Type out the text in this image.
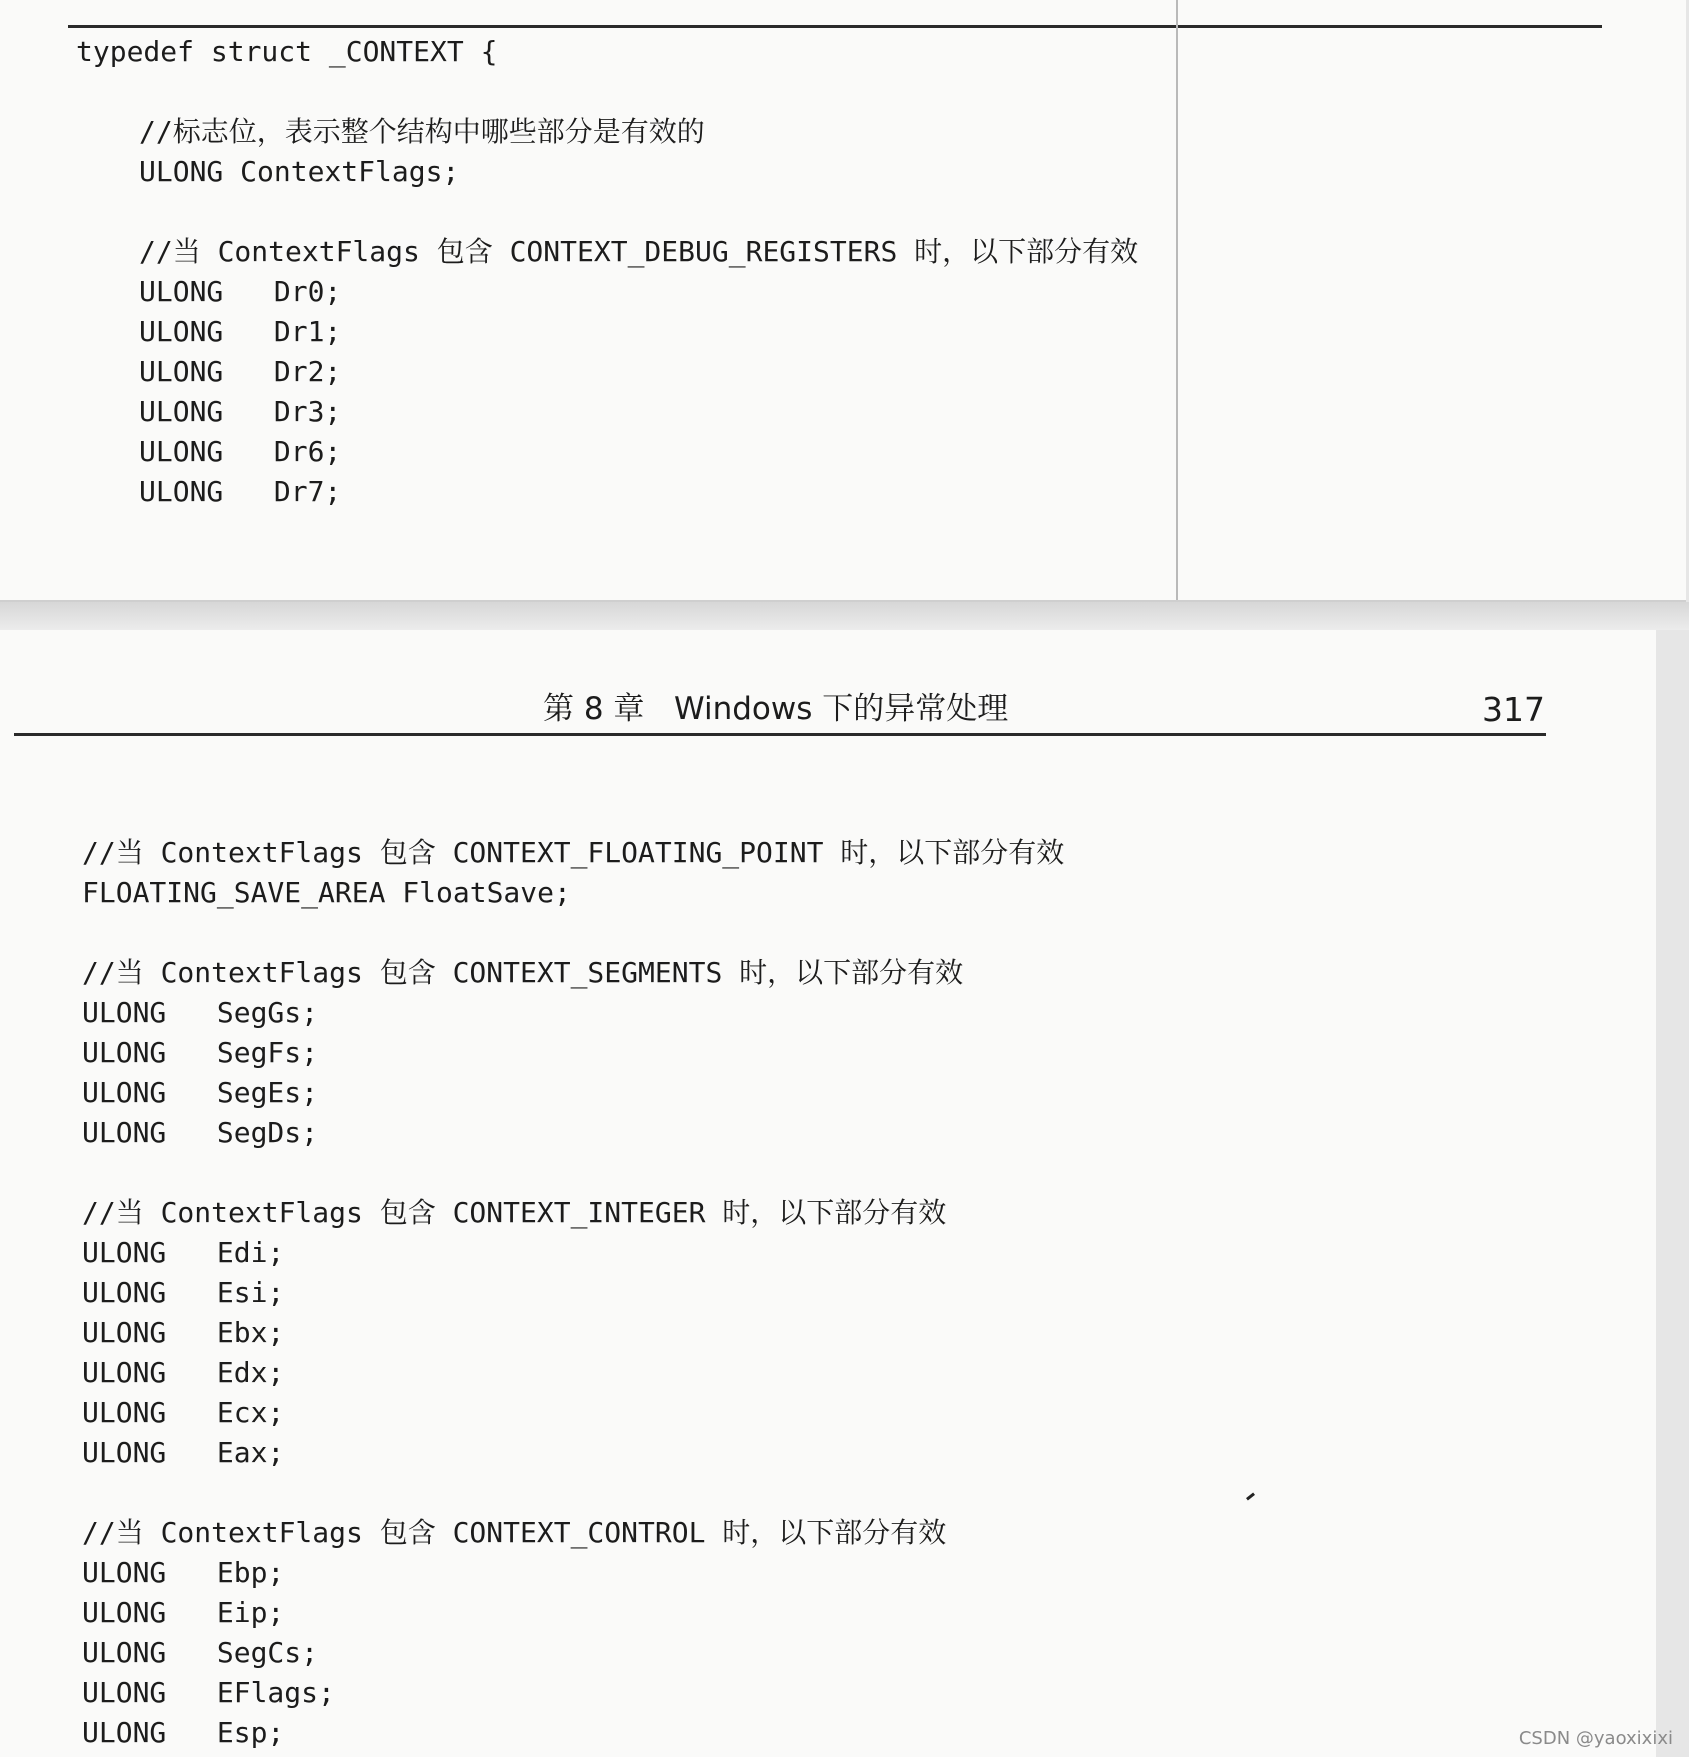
typedef struct _CONTEXT {
//标志位，表示整个结构中哪些部分是有效的
ULONG ContextFlags;
//当 ContextFlags 包含 CONTEXT_DEBUG_REGISTERS 时，以下部分有效
ULONG   Dr0;
ULONG   Dr1;
ULONG   Dr2;
ULONG   Dr3;
ULONG   Dr6;
ULONG   Dr7;
第 8 章   Windows 下的异常处理	317
//当 ContextFlags 包含 CONTEXT_FLOATING_POINT 时，以下部分有效
FLOATING_SAVE_AREA FloatSave;
//当 ContextFlags 包含 CONTEXT_SEGMENTS 时，以下部分有效
ULONG   SegGs;
ULONG   SegFs;
ULONG   SegEs;
ULONG   SegDs;
//当 ContextFlags 包含 CONTEXT_INTEGER 时，以下部分有效
ULONG   Edi;
ULONG   Esi;
ULONG   Ebx;
ULONG   Edx;
ULONG   Ecx;
ULONG   Eax;
//当 ContextFlags 包含 CONTEXT_CONTROL 时，以下部分有效
ULONG   Ebp;
ULONG   Eip;
ULONG   SegCs;
ULONG   EFlags;
ULONG   Esp;	CSDN @yaoxixixi
